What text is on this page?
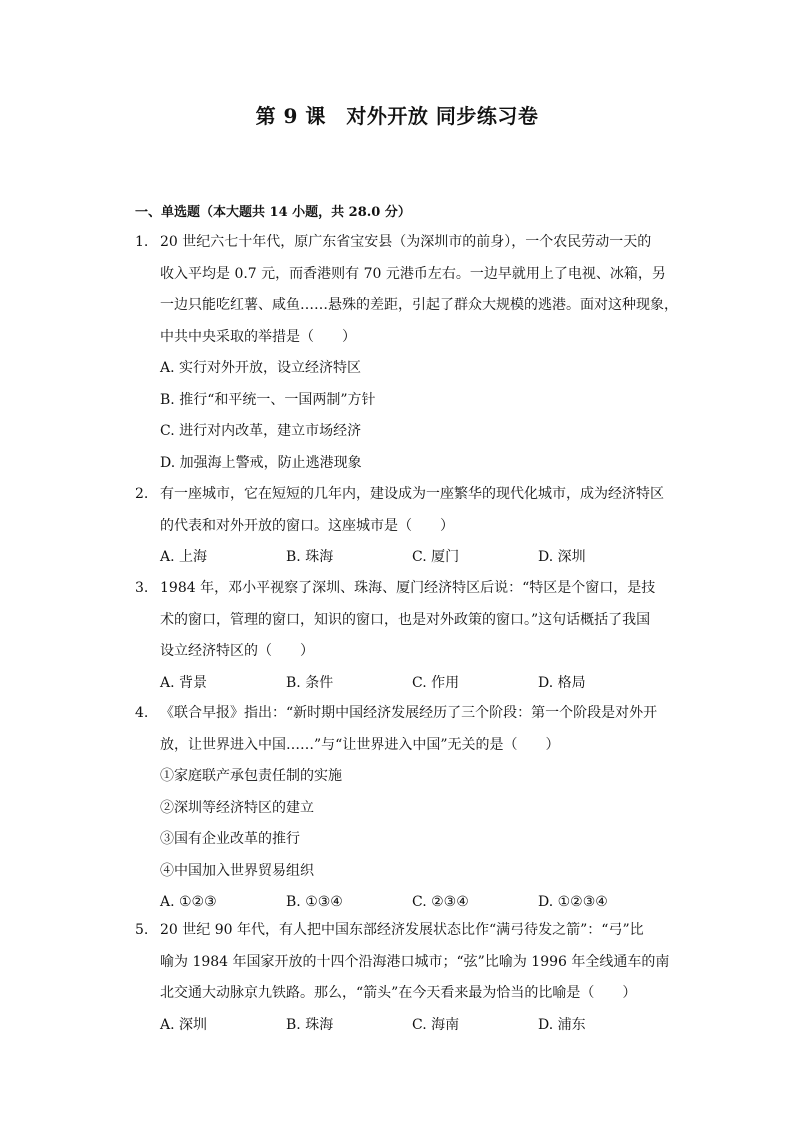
第 9 课　对外开放 同步练习卷
一、单选题（本大题共 14 小题，共 28.0 分）
1. 20 世纪六七十年代，原广东省宝安县（为深圳市的前身），一个农民劳动一天的
收入平均是 0.7 元，而香港则有 70 元港币左右。一边早就用上了电视、冰箱，另
一边只能吃红薯、咸鱼……悬殊的差距，引起了群众大规模的逃港。面对这种现象，
中共中央采取的举措是（　　）
A. 实行对外开放，设立经济特区
B. 推行“和平统一、一国两制”方针
C. 进行对内改革，建立市场经济
D. 加强海上警戒，防止逃港现象
2. 有一座城市，它在短短的几年内，建设成为一座繁华的现代化城市，成为经济特区
的代表和对外开放的窗口。这座城市是（　　）
A. 上海	B. 珠海	C. 厦门	D. 深圳
3. 1984 年，邓小平视察了深圳、珠海、厦门经济特区后说：“特区是个窗口，是技
术的窗口，管理的窗口，知识的窗口，也是对外政策的窗口。”这句话概括了我国
设立经济特区的（　　）
A. 背景	B. 条件	C. 作用	D. 格局
4. 《联合早报》指出：“新时期中国经济发展经历了三个阶段：第一个阶段是对外开
放，让世界进入中国……”与“让世界进入中国”无关的是（　　）
①家庭联产承包责任制的实施
②深圳等经济特区的建立
③国有企业改革的推行
④中国加入世界贸易组织
A. ①②③	B. ①③④	C. ②③④	D. ①②③④
5. 20 世纪 90 年代，有人把中国东部经济发展状态比作“满弓待发之箭”：“弓”比
喻为 1984 年国家开放的十四个沿海港口城市；“弦”比喻为 1996 年全线通车的南
北交通大动脉京九铁路。那么，“箭头”在今天看来最为恰当的比喻是（　　）
A. 深圳	B. 珠海	C. 海南	D. 浦东
